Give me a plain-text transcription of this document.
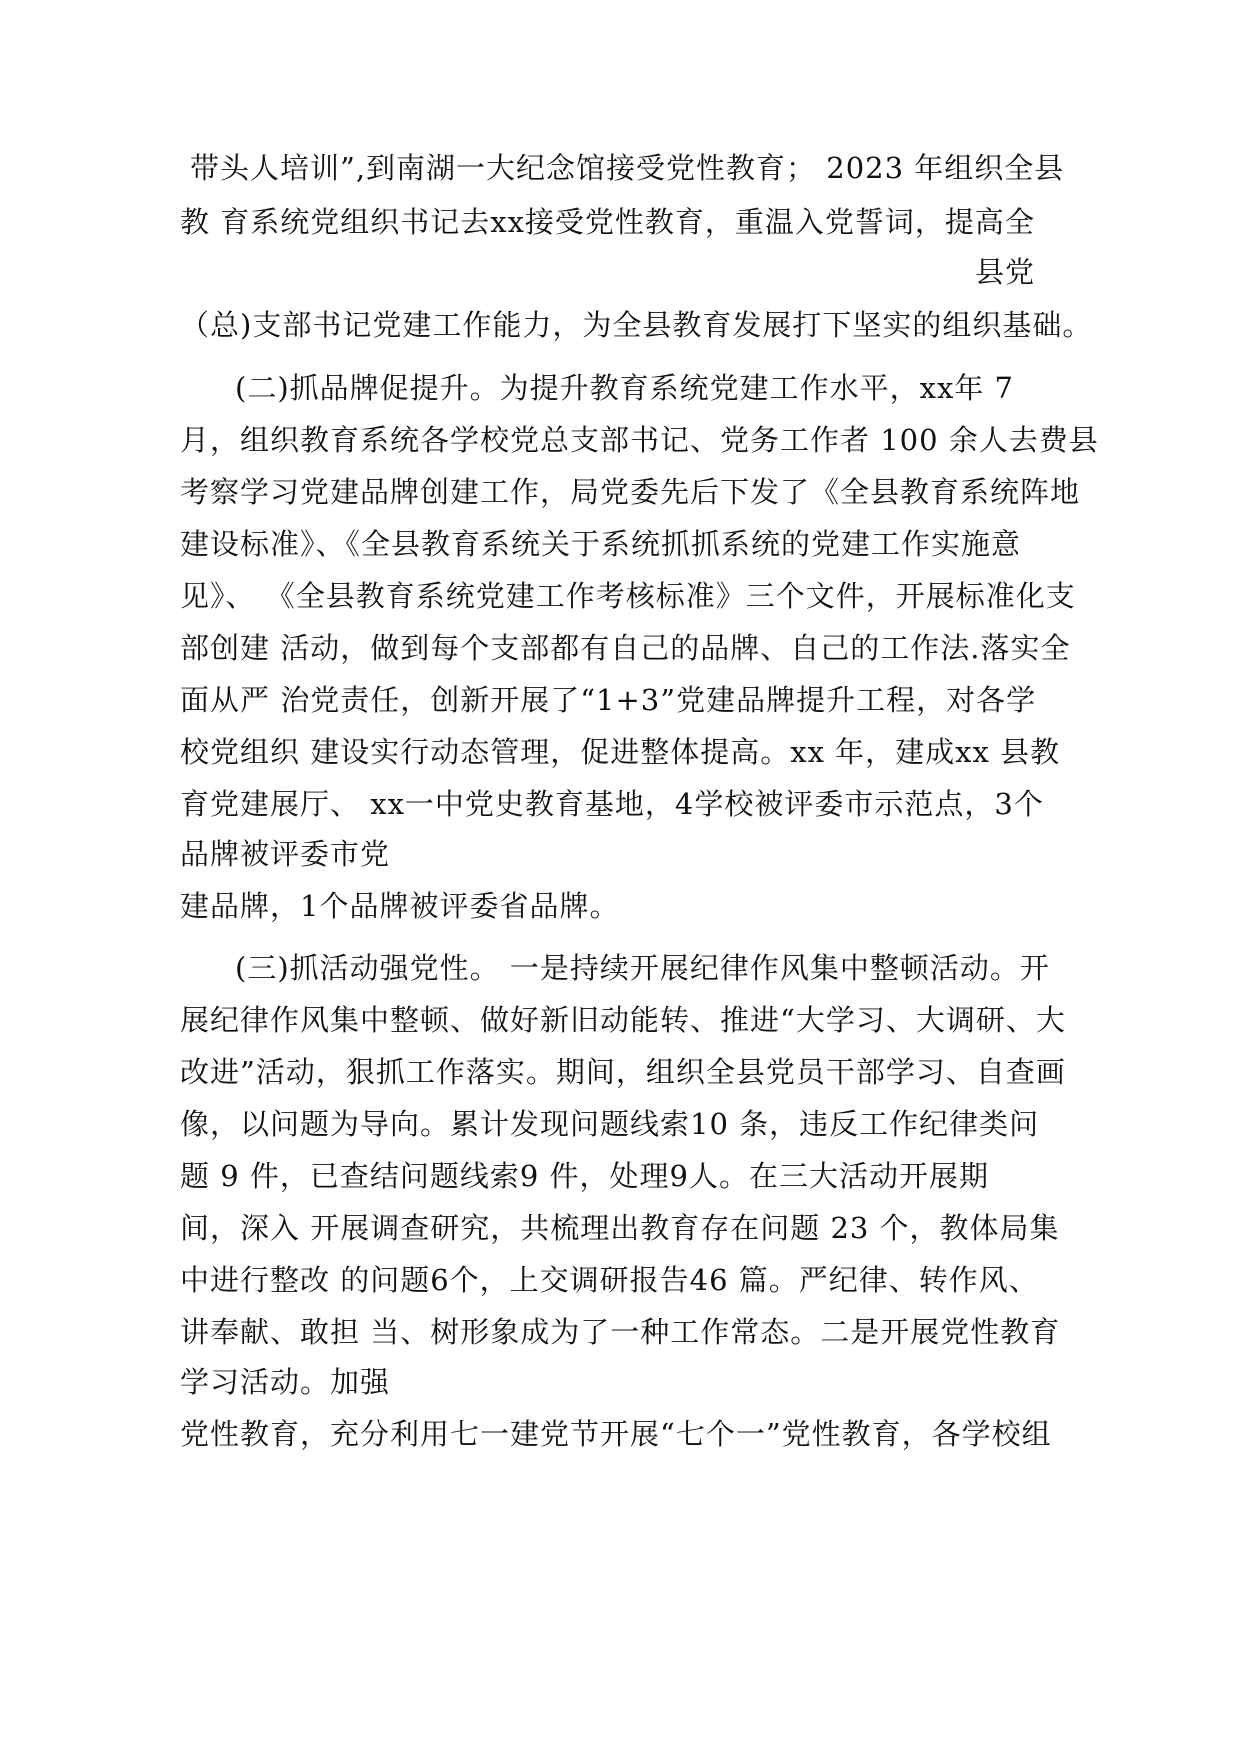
带头人培训”,到南湖一大纪念馆接受党性教育； 2023 年组织全县
教 育系统党组织书记去xx接受党性教育，重温入党誓词，提高全
县党
（总)支部书记党建工作能力，为全县教育发展打下坚实的组织基础。
(二)抓品牌促提升。为提升教育系统党建工作水平，xx年 7
月，组织教育系统各学校党总支部书记、党务工作者 100 余人去费县
考察学习党建品牌创建工作，局党委先后下发了《全县教育系统阵地
建设标准》、《全县教育系统关于系统抓抓系统的党建工作实施意
见》、 《全县教育系统党建工作考核标准》三个文件，开展标准化支
部创建 活动，做到每个支部都有自己的品牌、自己的工作法.落实全
面从严 治党责任，创新开展了“1+3”党建品牌提升工程，对各学
校党组织 建设实行动态管理，促进整体提高。xx 年，建成xx 县教
育党建展厅、 xx一中党史教育基地，4学校被评委市示范点，3个
品牌被评委市党
建品牌，1个品牌被评委省品牌。
(三)抓活动强党性。 一是持续开展纪律作风集中整顿活动。开
展纪律作风集中整顿、做好新旧动能转、推进“大学习、大调研、大
改进”活动，狠抓工作落实。期间，组织全县党员干部学习、自查画
像，以问题为导向。累计发现问题线索10 条，违反工作纪律类问
题 9 件，已查结问题线索9 件，处理9人。在三大活动开展期
间，深入 开展调查研究，共梳理出教育存在问题 23 个，教体局集
中进行整改 的问题6个，上交调研报告46 篇。严纪律、转作风、
讲奉献、敢担 当、树形象成为了一种工作常态。二是开展党性教育
学习活动。加强
党性教育，充分利用七一建党节开展“七个一”党性教育，各学校组
